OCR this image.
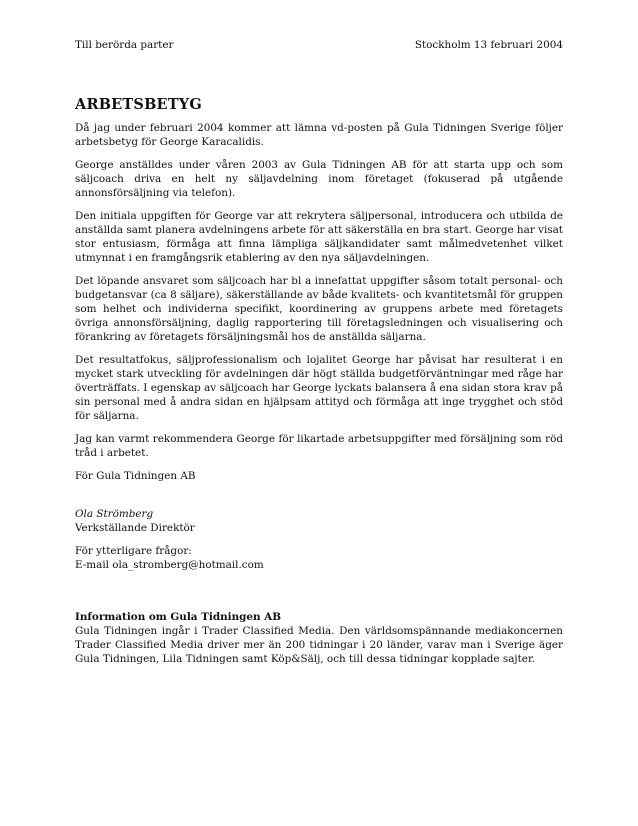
Till berörda parter	Stockholm 13 februari 2004
ARBETSBETYG

Då jag under februari 2004 kommer att lämna vd-posten på Gula Tidningen Sverige följer arbetsbetyg för George Karacalidis.

George anställdes under våren 2003 av Gula Tidningen AB för att starta upp och som säljcoach driva en helt ny säljavdelning inom företaget (fokuserad på utgående annonsförsäljning via telefon).

Den initiala uppgiften för George var att rekrytera säljpersonal, introducera och utbilda de anställda samt planera avdelningens arbete för att säkerställa en bra start. George har visat stor entusiasm, förmåga att finna lämpliga säljkandidater samt målmedvetenhet vilket utmynnat i en framgångsrik etablering av den nya säljavdelningen.

Det löpande ansvaret som säljcoach har bl a innefattat uppgifter såsom totalt personal- och budgetansvar (ca 8 säljare), säkerställande av både kvalitets- och kvantitetsmål för gruppen som helhet och individerna specifikt, koordinering av gruppens arbete med företagets övriga annonsförsäljning, daglig rapportering till företagsledningen och visualisering och förankring av företagets försäljningsmål hos de anställda säljarna.

Det resultatfokus, säljprofessionalism och lojalitet George har påvisat har resulterat i en mycket stark utveckling för avdelningen där högt ställda budgetförväntningar med råge har överträffats. I egenskap av säljcoach har George lyckats balansera å ena sidan stora krav på sin personal med å andra sidan en hjälpsam attityd och förmåga att inge trygghet och stöd för säljarna.

Jag kan varmt rekommendera George för likartade arbetsuppgifter med försäljning som röd tråd i arbetet.

För Gula Tidningen AB
Ola Strömberg
Verkställande Direktör
För ytterligare frågor:
E-mail ola_stromberg@hotmail.com
Information om Gula Tidningen AB

Gula Tidningen ingår i Trader Classified Media. Den världsomspännande mediakoncernen Trader Classified Media driver mer än 200 tidningar i 20 länder, varav man i Sverige äger Gula Tidningen, Lila Tidningen samt Köp&Sälj, och till dessa tidningar kopplade sajter.
